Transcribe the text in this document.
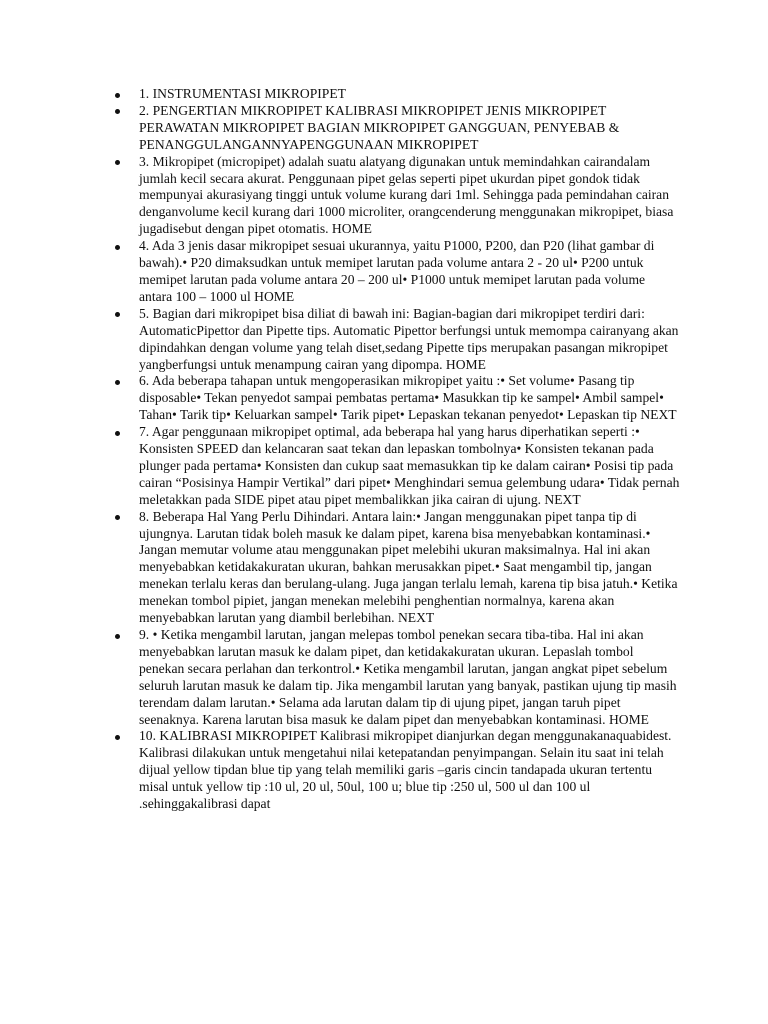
1. INSTRUMENTASI MIKROPIPET
2. PENGERTIAN MIKROPIPET KALIBRASI MIKROPIPET JENIS MIKROPIPET PERAWATAN MIKROPIPET BAGIAN MIKROPIPET GANGGUAN, PENYEBAB & PENANGGULANGANNYAPENGGUNAAN MIKROPIPET
3. Mikropipet (micropipet) adalah suatu alatyang digunakan untuk memindahkan cairandalam jumlah kecil secara akurat. Penggunaan pipet gelas seperti pipet ukurdan pipet gondok tidak mempunyai akurasiyang tinggi untuk volume kurang dari 1ml. Sehingga pada pemindahan cairan denganvolume kecil kurang dari 1000 microliter, orangcenderung menggunakan mikropipet, biasa jugadisebut dengan pipet otomatis. HOME
4. Ada 3 jenis dasar mikropipet sesuai ukurannya, yaitu P1000, P200, dan P20 (lihat gambar di bawah).• P20 dimaksudkan untuk memipet larutan pada volume antara 2 - 20 ul• P200 untuk memipet larutan pada volume antara 20 – 200 ul• P1000 untuk memipet larutan pada volume antara 100 – 1000 ul HOME
5. Bagian dari mikropipet bisa diliat di bawah ini: Bagian-bagian dari mikropipet terdiri dari: AutomaticPipettor dan Pipette tips. Automatic Pipettor berfungsi untuk memompa cairanyang akan dipindahkan dengan volume yang telah diset,sedang Pipette tips merupakan pasangan mikropipet yangberfungsi untuk menampung cairan yang dipompa. HOME
6. Ada beberapa tahapan untuk mengoperasikan mikropipet yaitu :• Set volume• Pasang tip disposable• Tekan penyedot sampai pembatas pertama• Masukkan tip ke sampel• Ambil sampel• Tahan• Tarik tip• Keluarkan sampel• Tarik pipet• Lepaskan tekanan penyedot• Lepaskan tip NEXT
7. Agar penggunaan mikropipet optimal, ada beberapa hal yang harus diperhatikan seperti :• Konsisten SPEED dan kelancaran saat tekan dan lepaskan tombolnya• Konsisten tekanan pada plunger pada pertama• Konsisten dan cukup saat memasukkan tip ke dalam cairan• Posisi tip pada cairan “Posisinya Hampir Vertikal” dari pipet• Menghindari semua gelembung udara• Tidak pernah meletakkan pada SIDE pipet atau pipet membalikkan jika cairan di ujung. NEXT
8. Beberapa Hal Yang Perlu Dihindari. Antara lain:• Jangan menggunakan pipet tanpa tip di ujungnya. Larutan tidak boleh masuk ke dalam pipet, karena bisa menyebabkan kontaminasi.• Jangan memutar volume atau menggunakan pipet melebihi ukuran maksimalnya. Hal ini akan menyebabkan ketidakakuratan ukuran, bahkan merusakkan pipet.• Saat mengambil tip, jangan menekan terlalu keras dan berulang-ulang. Juga jangan terlalu lemah, karena tip bisa jatuh.• Ketika menekan tombol pipiet, jangan menekan melebihi penghentian normalnya, karena akan menyebabkan larutan yang diambil berlebihan. NEXT
9. • Ketika mengambil larutan, jangan melepas tombol penekan secara tiba-tiba. Hal ini akan menyebabkan larutan masuk ke dalam pipet, dan ketidakakuratan ukuran. Lepaslah tombol penekan secara perlahan dan terkontrol.• Ketika mengambil larutan, jangan angkat pipet sebelum seluruh larutan masuk ke dalam tip. Jika mengambil larutan yang banyak, pastikan ujung tip masih terendam dalam larutan.• Selama ada larutan dalam tip di ujung pipet, jangan taruh pipet seenaknya. Karena larutan bisa masuk ke dalam pipet dan menyebabkan kontaminasi. HOME
10. KALIBRASI MIKROPIPET Kalibrasi mikropipet dianjurkan degan menggunakanaquabidest. Kalibrasi dilakukan untuk mengetahui nilai ketepatandan penyimpangan. Selain itu saat ini telah dijual yellow tipdan blue tip yang telah memiliki garis –garis cincin tandapada ukuran tertentu misal untuk yellow tip :10 ul, 20 ul, 50ul, 100 u; blue tip :250 ul, 500 ul dan 100 ul .sehinggakalibrasi dapat
